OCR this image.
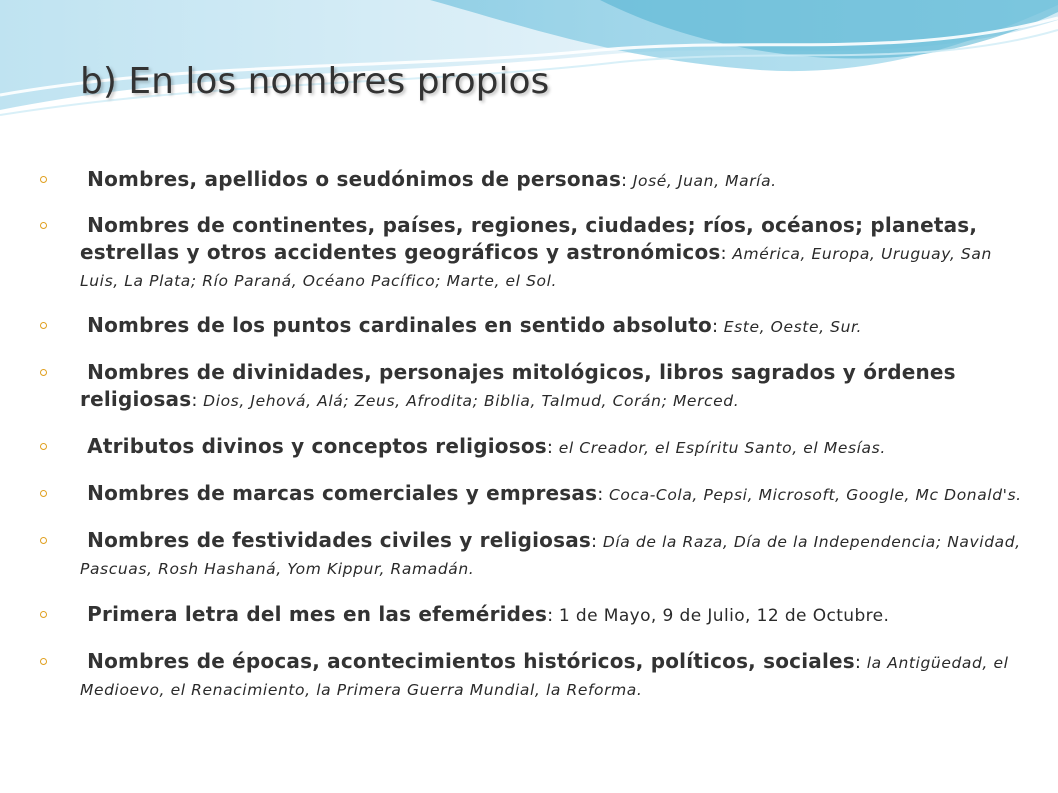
b) En los nombres propios
Nombres, apellidos o seudónimos de personas: José, Juan, María.
Nombres de continentes, países, regiones, ciudades; ríos, océanos; planetas, estrellas y otros accidentes geográficos y astronómicos: América, Europa, Uruguay, San Luis, La Plata; Río Paraná, Océano Pacífico; Marte, el Sol.
Nombres de los puntos cardinales en sentido absoluto: Este, Oeste, Sur.
Nombres de divinidades, personajes mitológicos, libros sagrados y órdenes religiosas: Dios, Jehová, Alá; Zeus, Afrodita; Biblia, Talmud, Corán; Merced.
Atributos divinos y conceptos religiosos: el Creador, el Espíritu Santo, el Mesías.
Nombres de marcas comerciales y empresas: Coca-Cola, Pepsi, Microsoft, Google, Mc Donald's.
Nombres de festividades civiles y religiosas: Día de la Raza, Día de la Independencia; Navidad, Pascuas, Rosh Hashaná, Yom Kippur, Ramadán.
Primera letra del mes en las efemérides: 1 de Mayo, 9 de Julio, 12 de Octubre.
Nombres de épocas, acontecimientos históricos, políticos, sociales: la Antigüedad, el Medioevo, el Renacimiento, la Primera Guerra Mundial, la Reforma.
